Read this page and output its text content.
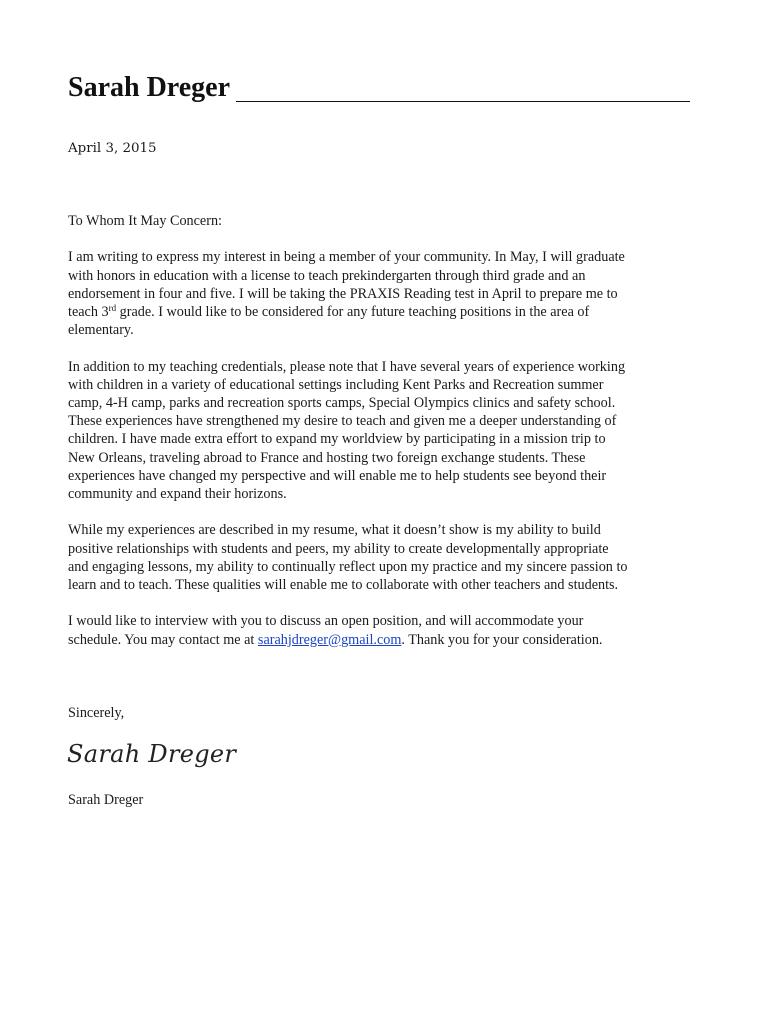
Sarah Dreger
April 3, 2015

To Whom It May Concern:

I am writing to express my interest in being a member of your community. In May, I will graduate
with honors in education with a license to teach prekindergarten through third grade and an
endorsement in four and five. I will be taking the PRAXIS Reading test in April to prepare me to
teach 3rd grade. I would like to be considered for any future teaching positions in the area of
elementary.

In addition to my teaching credentials, please note that I have several years of experience working
with children in a variety of educational settings including Kent Parks and Recreation summer
camp, 4-H camp, parks and recreation sports camps, Special Olympics clinics and safety school.
These experiences have strengthened my desire to teach and given me a deeper understanding of
children. I have made extra effort to expand my worldview by participating in a mission trip to
New Orleans, traveling abroad to France and hosting two foreign exchange students. These
experiences have changed my perspective and will enable me to help students see beyond their
community and expand their horizons.

While my experiences are described in my resume, what it doesn’t show is my ability to build
positive relationships with students and peers, my ability to create developmentally appropriate
and engaging lessons, my ability to continually reflect upon my practice and my sincere passion to
learn and to teach. These qualities will enable me to collaborate with other teachers and students.

I would like to interview with you to discuss an open position, and will accommodate your
schedule. You may contact me at sarahjdreger@gmail.com. Thank you for your consideration.

Sincerely,
Sarah Dreger
Sarah Dreger
